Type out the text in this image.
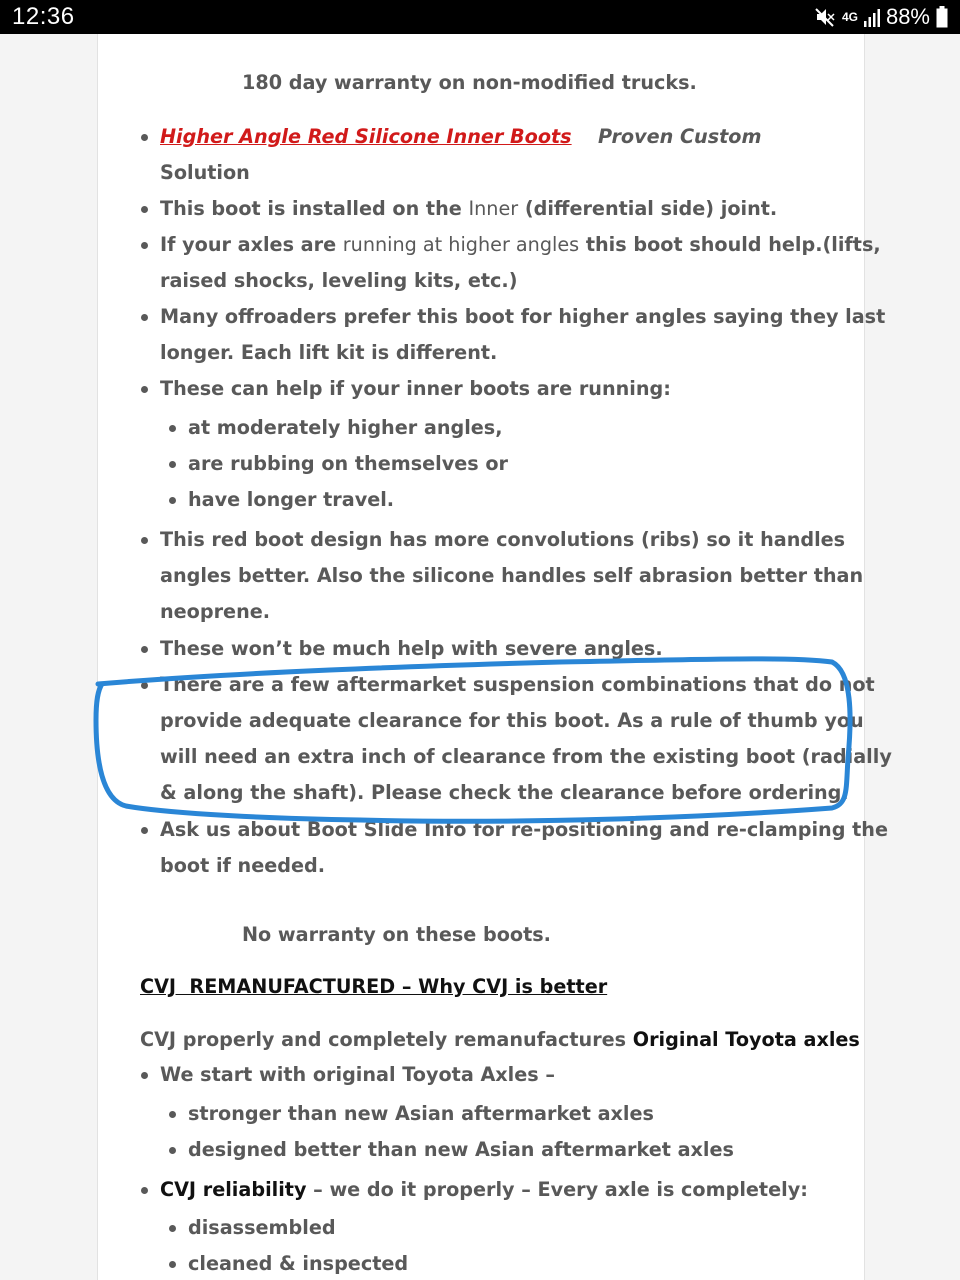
12:36	4G 88%
180 day warranty on non-modified trucks.
Higher Angle Red Silicone Inner Boots Proven Custom
Solution
This boot is installed on the Inner (differential side) joint.
If your axles are running at higher angles this boot should help.(lifts,
raised shocks, leveling kits, etc.)
Many offroaders prefer this boot for higher angles saying they last
longer. Each lift kit is different.
These can help if your inner boots are running:
at moderately higher angles,
are rubbing on themselves or
have longer travel.
This red boot design has more convolutions (ribs) so it handles
angles better. Also the silicone handles self abrasion better than
neoprene.
These won’t be much help with severe angles.
There are a few aftermarket suspension combinations that do not
provide adequate clearance for this boot. As a rule of thumb you
will need an extra inch of clearance from the existing boot (radially
& along the shaft). Please check the clearance before ordering.
Ask us about Boot Slide Info for re-positioning and re-clamping the
boot if needed.
No warranty on these boots.
CVJ  REMANUFACTURED – Why CVJ is better
CVJ properly and completely remanufactures Original Toyota axles
We start with original Toyota Axles –
stronger than new Asian aftermarket axles
designed better than new Asian aftermarket axles
CVJ reliability – we do it properly – Every axle is completely:
disassembled
cleaned & inspected
